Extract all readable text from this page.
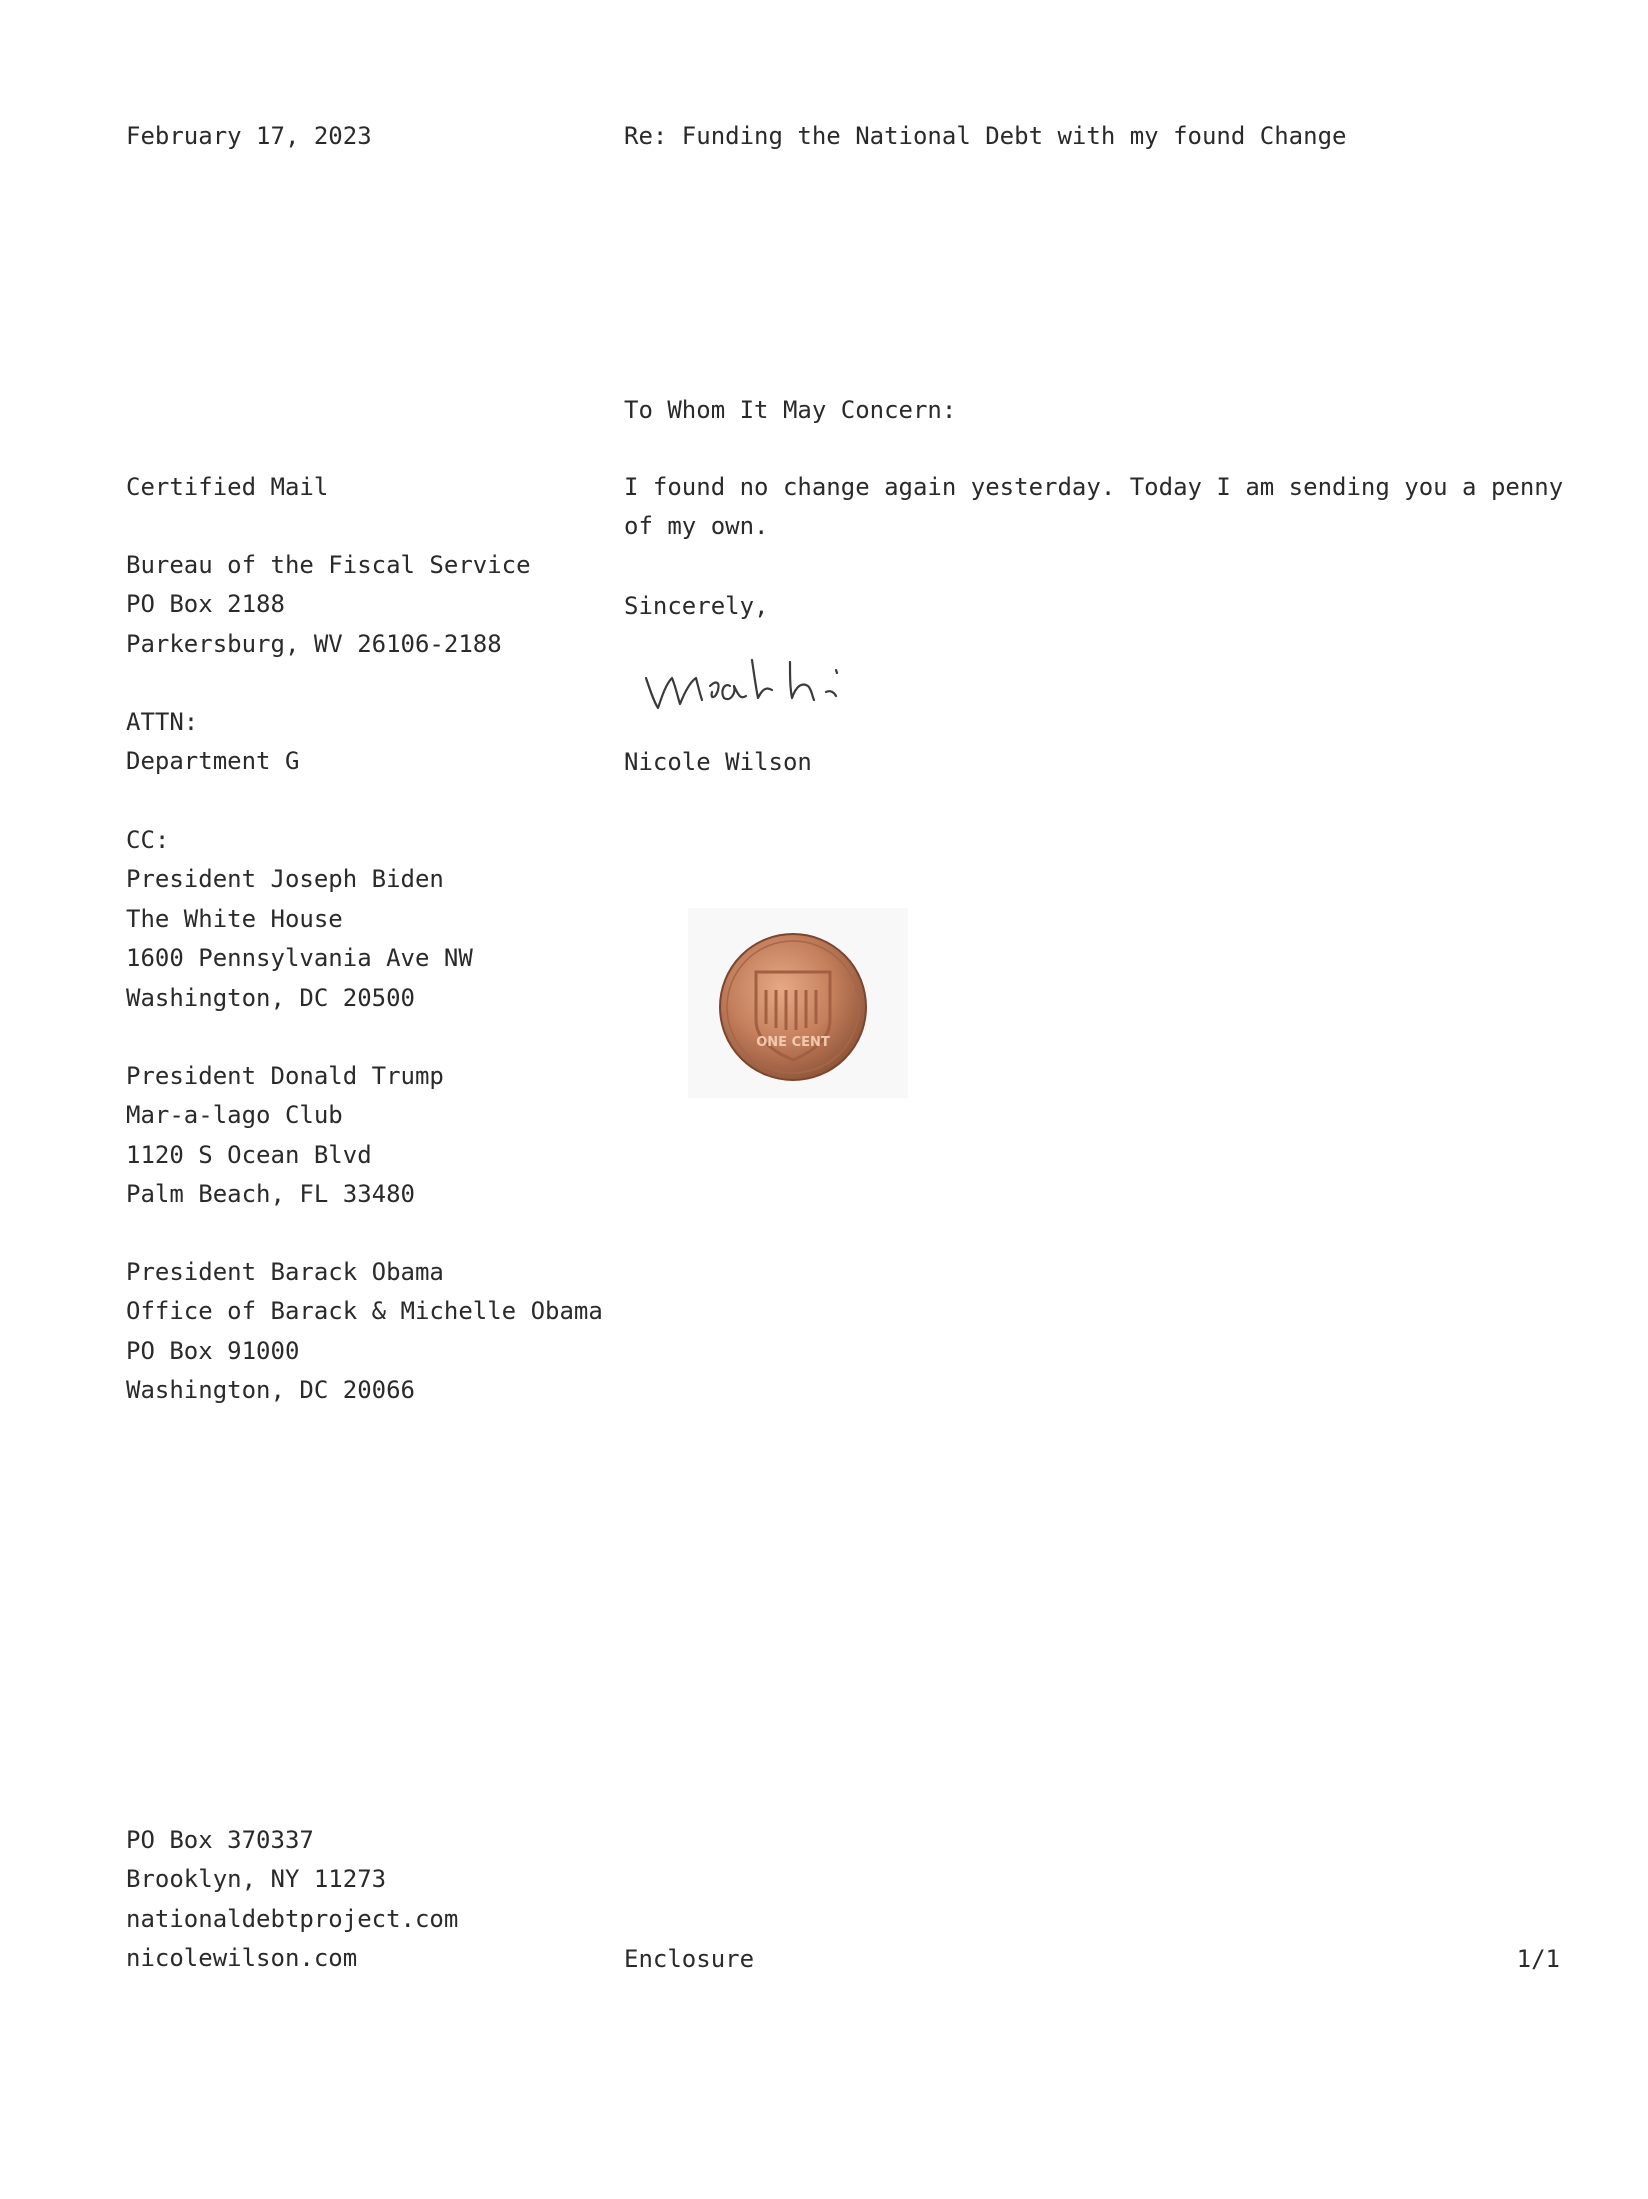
February 17, 2023	Re: Funding the National Debt with my found Change
To Whom It May Concern:
Certified Mail
Bureau of the Fiscal Service
PO Box 2188
Parkersburg, WV 26106-2188
ATTN:
Department G
CC:
President Joseph Biden
The White House
1600 Pennsylvania Ave NW
Washington, DC 20500
President Donald Trump
Mar-a-lago Club
1120 S Ocean Blvd
Palm Beach, FL 33480
President Barack Obama
Office of Barack & Michelle Obama
PO Box 91000
Washington, DC 20066
I found no change again yesterday. Today I am sending you a penny
of my own.
Sincerely,
Nicole Wilson
ONE CENT
PO Box 370337
Brooklyn, NY 11273
nationaldebtproject.com
nicolewilson.com	Enclosure	1/1
